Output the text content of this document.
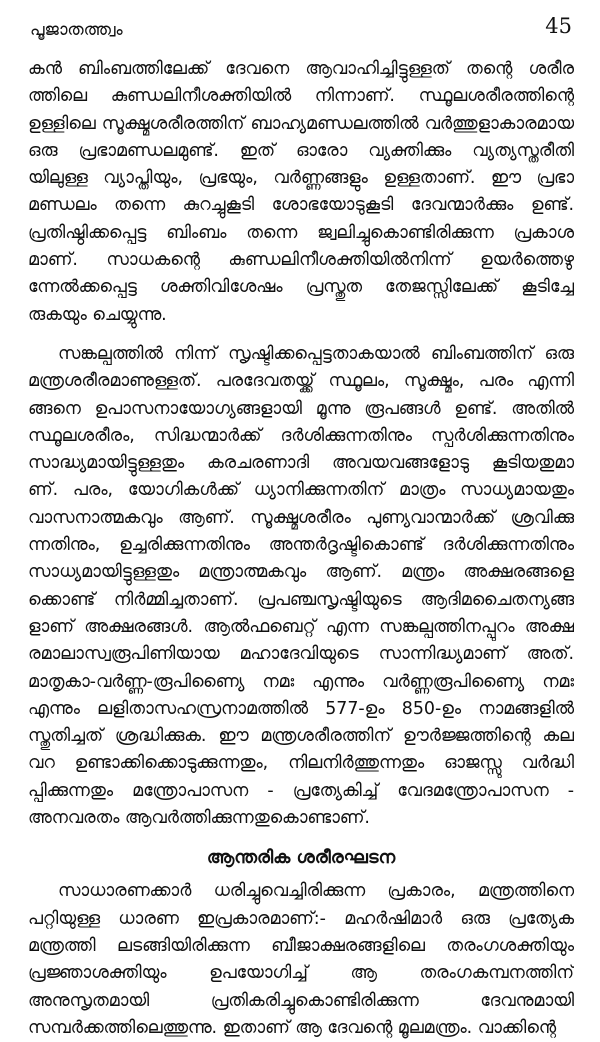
പൂജാതത്ത്വം	45
കൻ ബിംബത്തിലേക്ക് ദേവനെ ആവാഹിച്ചിട്ടുള്ളത് തന്റെ ശരീര
ത്തിലെ കുണ്ഡലിനീശക്തിയിൽ നിന്നാണ്. സ്ഥൂലശരീരത്തിന്റെ
ഉള്ളിലെ സൂക്ഷ്മശരീരത്തിന് ബാഹ്യമണ്ഡലത്തിൽ വർത്തുളാകാരമായ
ഒരു പ്രഭാമണ്ഡലമുണ്ട്. ഇത് ഓരോ വ്യക്തിക്കും വ്യത്യസ്തരീതി
യിലുള്ള വ്യാപ്തിയും, പ്രഭയും, വർണ്ണങ്ങളും ഉള്ളതാണ്. ഈ പ്രഭാ
മണ്ഡലം തന്നെ കുറച്ചുകൂടി ശോഭയോടുകൂടി ദേവന്മാർക്കും ഉണ്ട്.
പ്രതിഷ്ഠിക്കപ്പെട്ട ബിംബം തന്നെ ജ്വലിച്ചുകൊണ്ടിരിക്കുന്ന പ്രകാശ
മാണ്. സാധകന്റെ കുണ്ഡലിനീശക്തിയിൽനിന്ന് ഉയർത്തെഴു
ന്നേൽക്കപ്പെട്ട ശക്തിവിശേഷം പ്രസ്തുത തേജസ്സിലേക്ക് കൂടിച്ചേ
രുകയും ചെയ്യുന്നു.
സങ്കല്പത്തിൽ നിന്ന് സൃഷ്ടിക്കപ്പെട്ടതാകയാൽ ബിംബത്തിന് ഒരു
മന്ത്രശരീരമാണുള്ളത്. പരദേവതയ്ക്ക് സ്ഥൂലം, സൂക്ഷ്മം, പരം എന്നി
ങ്ങനെ ഉപാസനായോഗ്യങ്ങളായി മൂന്നു രൂപങ്ങൾ ഉണ്ട്. അതിൽ
സ്ഥൂലശരീരം, സിദ്ധന്മാർക്ക് ദർശിക്കുന്നതിനും സ്പർശിക്കുന്നതിനും
സാദ്ധ്യമായിട്ടുള്ളതും കരചരണാദി അവയവങ്ങളോടു കൂടിയതുമാ
ണ്. പരം, യോഗികൾക്ക് ധ്യാനിക്കുന്നതിന് മാത്രം സാധ്യമായതും
വാസനാത്മകവും ആണ്. സൂക്ഷ്മശരീരം പുണ്യവാന്മാർക്ക് ശ്രവിക്കു
ന്നതിനും, ഉച്ചരിക്കുന്നതിനും അന്തർദൃഷ്ടികൊണ്ട് ദർശിക്കുന്നതിനും
സാധ്യമായിട്ടുള്ളതും മന്ത്രാത്മകവും ആണ്. മന്ത്രം അക്ഷരങ്ങളെ
ക്കൊണ്ട് നിർമ്മിച്ചതാണ്. പ്രപഞ്ചസൃഷ്ടിയുടെ ആദിമചൈതന്യങ്ങ
ളാണ് അക്ഷരങ്ങൾ. ആൽഫബെറ്റ് എന്ന സങ്കല്പത്തിനപ്പുറം അക്ഷ
രമാലാസ്വരൂപിണിയായ മഹാദേവിയുടെ സാന്നിദ്ധ്യമാണ് അത്.
മാതൃകാ-വർണ്ണ-രൂപിണ്യൈ നമഃ എന്നും വർണ്ണരൂപിണ്യൈ നമഃ
എന്നും ലളിതാസഹസ്രനാമത്തിൽ 577-ഉം 850-ഉം നാമങ്ങളിൽ
സ്തുതിച്ചത് ശ്രദ്ധിക്കുക. ഈ മന്ത്രശരീരത്തിന് ഊർജ്ജത്തിന്റെ കല
വറ ഉണ്ടാക്കിക്കൊടുക്കുന്നതും, നിലനിർത്തുന്നതും ഓജസ്സു വർദ്ധി
പ്പിക്കുന്നതും മന്ത്രോപാസന - പ്രത്യേകിച്ച് വേദമന്ത്രോപാസന -
അനവരതം ആവർത്തിക്കുന്നതുകൊണ്ടാണ്.
ആന്തരിക ശരീരഘടന
സാധാരണക്കാർ ധരിച്ചുവെച്ചിരിക്കുന്ന പ്രകാരം, മന്ത്രത്തിനെ
പറ്റിയുള്ള ധാരണ ഇപ്രകാരമാണ്:- മഹർഷിമാർ ഒരു പ്രത്യേക
മന്ത്രത്തി ലടങ്ങിയിരിക്കുന്ന ബീജാക്ഷരങ്ങളിലെ തരംഗശക്തിയും
പ്രജ്ഞാശക്തിയും ഉപയോഗിച്ച് ആ തരംഗകമ്പനത്തിന്
അനുസൃതമായി പ്രതികരിച്ചുകൊണ്ടിരിക്കുന്ന ദേവനുമായി
സമ്പർക്കത്തിലെത്തുന്നു. ഇതാണ് ആ ദേവന്റെ മൂലമന്ത്രം. വാക്കിന്റെ
